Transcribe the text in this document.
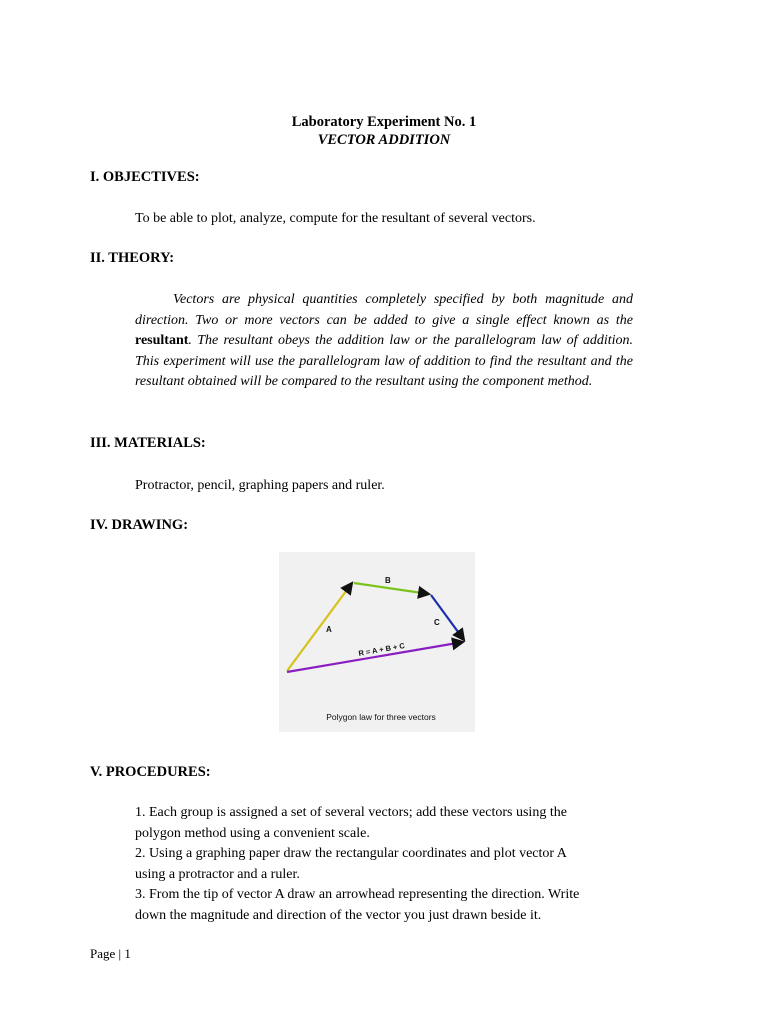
Laboratory Experiment No. 1
VECTOR ADDITION
I. OBJECTIVES:
To be able to plot, analyze, compute for the resultant of several vectors.
II. THEORY:
Vectors are physical quantities completely specified by both magnitude and direction. Two or more vectors can be added to give a single effect known as the resultant. The resultant obeys the addition law or the parallelogram law of addition. This experiment will use the parallelogram law of addition to find the resultant and the resultant obtained will be compared to the resultant using the component method.
III. MATERIALS:
Protractor, pencil, graphing papers and ruler.
IV. DRAWING:
A
B
C
R = A + B + C
Polygon law for three vectors
V. PROCEDURES:
1. Each group is assigned a set of several vectors; add these vectors using the
polygon method using a convenient scale.
2. Using a graphing paper draw the rectangular coordinates and plot vector A
using a protractor and a ruler.
3. From the tip of vector A draw an arrowhead representing the direction. Write
down the magnitude and direction of the vector you just drawn beside it.
Page | 1
